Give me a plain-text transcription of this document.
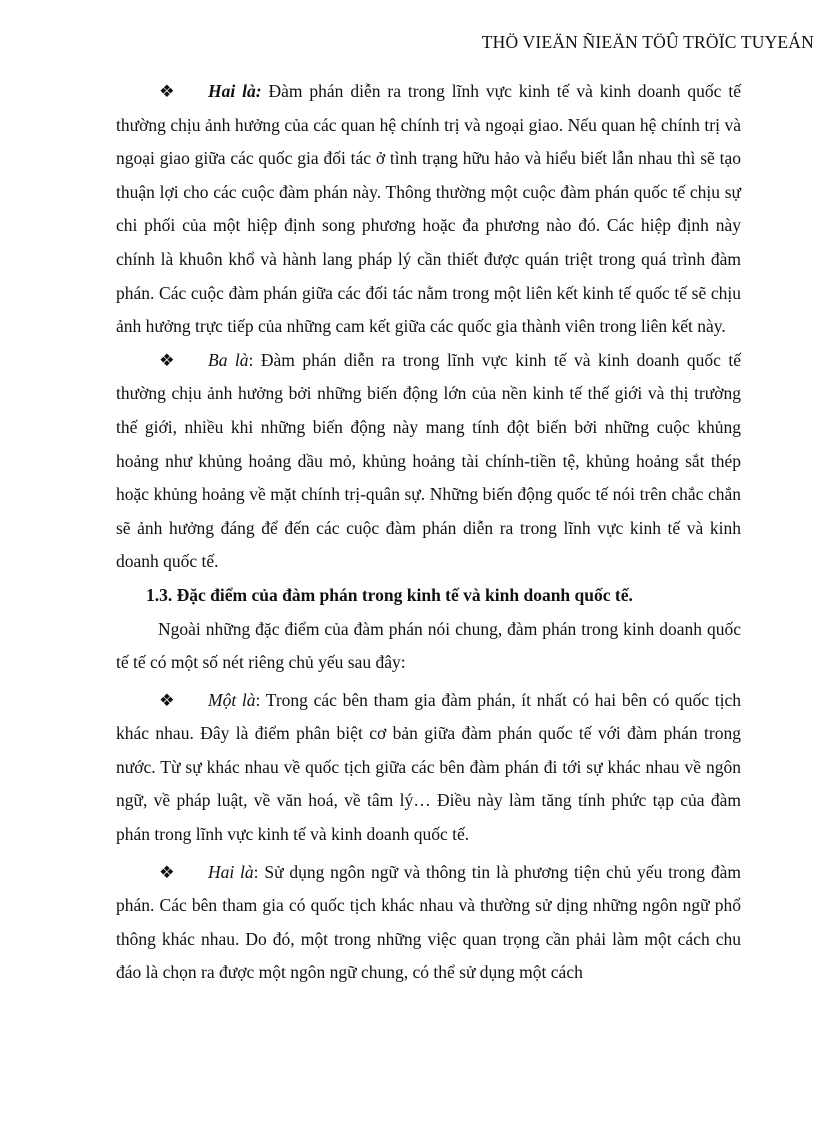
THÖ VIEÄN ÑIEÄN TÖÛ TRÖÏC TUYEÁN

❖ Hai là: Đàm phán diễn ra trong lĩnh vực kinh tế và kinh doanh quốc tế thường chịu ảnh hưởng của các quan hệ chính trị và ngoại giao. Nếu quan hệ chính trị và ngoại giao giữa các quốc gia đối tác ở tình trạng hữu hảo và hiểu biết lẫn nhau thì sẽ tạo thuận lợi cho các cuộc đàm phán này. Thông thường một cuộc đàm phán quốc tế chịu sự chi phối của một hiệp định song phương hoặc đa phương nào đó. Các hiệp định này chính là khuôn khổ và hành lang pháp lý cần thiết được quán triệt trong quá trình đàm phán. Các cuộc đàm phán giữa các đối tác nằm trong một liên kết kinh tế quốc tế sẽ chịu ảnh hưởng trực tiếp của những cam kết giữa các quốc gia thành viên trong liên kết này.

❖ Ba là: Đàm phán diễn ra trong lĩnh vực kinh tế và kinh doanh quốc tế thường chịu ảnh hưởng bởi những biến động lớn của nền kinh tế thế giới và thị trường thế giới, nhiều khi những biến động này mang tính đột biến bởi những cuộc khủng hoảng như khủng hoảng dầu mỏ, khủng hoảng tài chính-tiền tệ, khủng hoảng sắt thép hoặc khủng hoảng về mặt chính trị-quân sự. Những biến động quốc tế nói trên chắc chắn sẽ ảnh hưởng đáng để đến các cuộc đàm phán diễn ra trong lĩnh vực kinh tế và kinh doanh quốc tế.

1.3. Đặc điểm của đàm phán trong kinh tế và kinh doanh quốc tế.

Ngoài những đặc điểm của đàm phán nói chung, đàm phán trong kinh doanh quốc tế tế có một số nét riêng chủ yếu sau đây:

❖ Một là: Trong các bên tham gia đàm phán, ít nhất có hai bên có quốc tịch khác nhau. Đây là điểm phân biệt cơ bản giữa đàm phán quốc tế với đàm phán trong nước. Từ sự khác nhau về quốc tịch giữa các bên đàm phán đi tới sự khác nhau về ngôn ngữ, về pháp luật, về văn hoá, về tâm lý… Điều này làm tăng tính phức tạp của đàm phán trong lĩnh vực kinh tế và kinh doanh quốc tế.

❖ Hai là: Sử dụng ngôn ngữ và thông tin là phương tiện chủ yếu trong đàm phán. Các bên tham gia có quốc tịch khác nhau và thường sử dịng những ngôn ngữ phổ thông khác nhau. Do đó, một trong những việc quan trọng cần phải làm một cách chu đáo là chọn ra được một ngôn ngữ chung, có thể sử dụng một cách
